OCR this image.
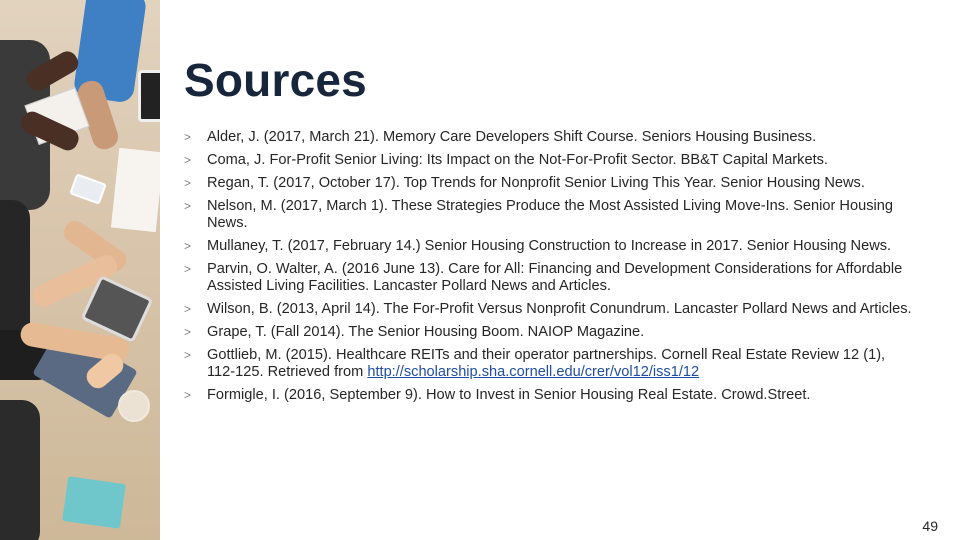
Sources
> Alder, J. (2017, March 21). Memory Care Developers Shift Course. Seniors Housing Business.
> Coma, J. For-Profit Senior Living: Its Impact on the Not-For-Profit Sector. BB&T Capital Markets.
> Regan, T. (2017, October 17). Top Trends for Nonprofit Senior Living This Year. Senior Housing News.
> Nelson, M. (2017, March 1). These Strategies Produce the Most Assisted Living Move-Ins. Senior Housing News.
> Mullaney, T. (2017, February 14.) Senior Housing Construction to Increase in 2017. Senior Housing News.
> Parvin, O. Walter, A. (2016 June 13). Care for All: Financing and Development Considerations for Affordable Assisted Living Facilities. Lancaster Pollard News and Articles.
> Wilson, B. (2013, April 14). The For-Profit Versus Nonprofit Conundrum. Lancaster Pollard News and Articles.
> Grape, T. (Fall 2014). The Senior Housing Boom. NAIOP Magazine.
> Gottlieb, M. (2015). Healthcare REITs and their operator partnerships. Cornell Real Estate Review 12 (1), 112-125. Retrieved from http://scholarship.sha.cornell.edu/crer/vol12/iss1/12
> Formigle, I. (2016, September 9). How to Invest in Senior Housing Real Estate. Crowd.Street.
49
